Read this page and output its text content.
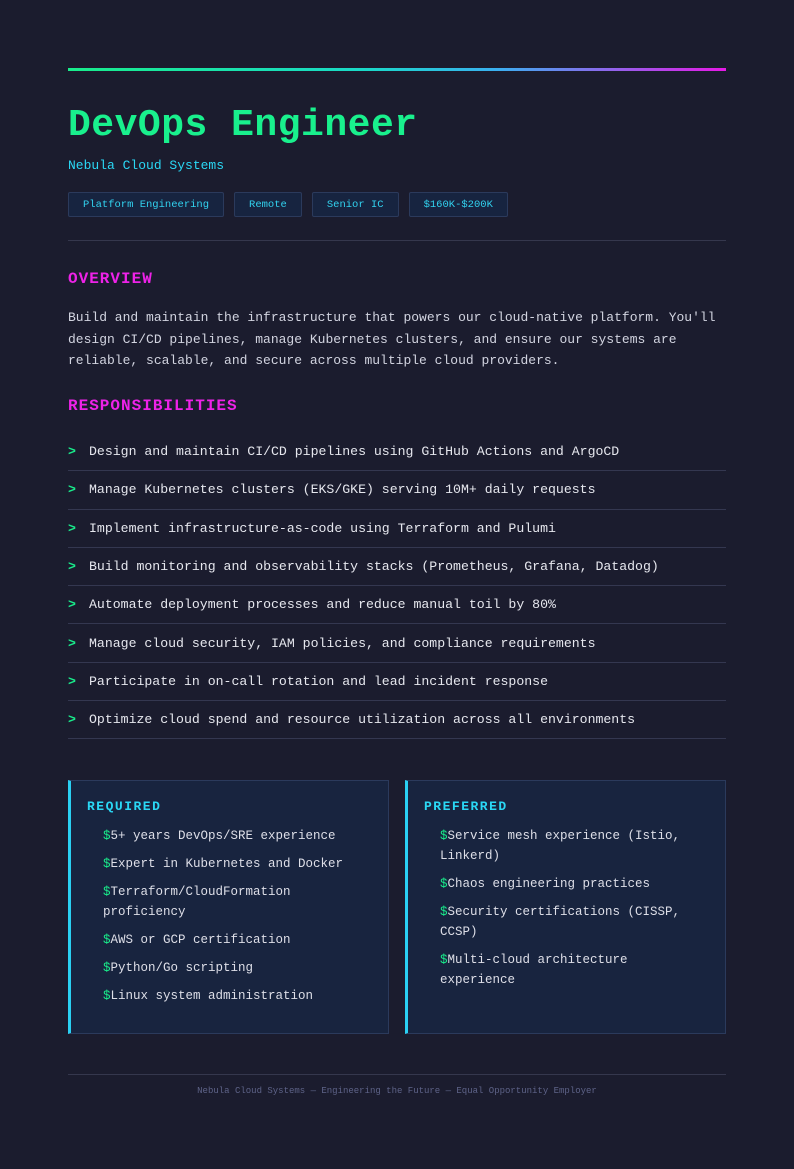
DevOps Engineer
Nebula Cloud Systems
Platform Engineering	Remote	Senior IC	$160K-$200K
OVERVIEW

Build and maintain the infrastructure that powers our cloud-native platform. You'll design CI/CD pipelines, manage Kubernetes clusters, and ensure our systems are reliable, scalable, and secure across multiple cloud providers.

RESPONSIBILITIES
> Design and maintain CI/CD pipelines using GitHub Actions and ArgoCD
> Manage Kubernetes clusters (EKS/GKE) serving 10M+ daily requests
> Implement infrastructure-as-code using Terraform and Pulumi
> Build monitoring and observability stacks (Prometheus, Grafana, Datadog)
> Automate deployment processes and reduce manual toil by 80%
> Manage cloud security, IAM policies, and compliance requirements
> Participate in on-call rotation and lead incident response
> Optimize cloud spend and resource utilization across all environments
REQUIRED
$5+ years DevOps/SRE experience
$Expert in Kubernetes and Docker
$Terraform/CloudFormation proficiency
$AWS or GCP certification
$Python/Go scripting
$Linux system administration
PREFERRED
$Service mesh experience (Istio, Linkerd)
$Chaos engineering practices
$Security certifications (CISSP, CCSP)
$Multi-cloud architecture experience
Nebula Cloud Systems — Engineering the Future — Equal Opportunity Employer
